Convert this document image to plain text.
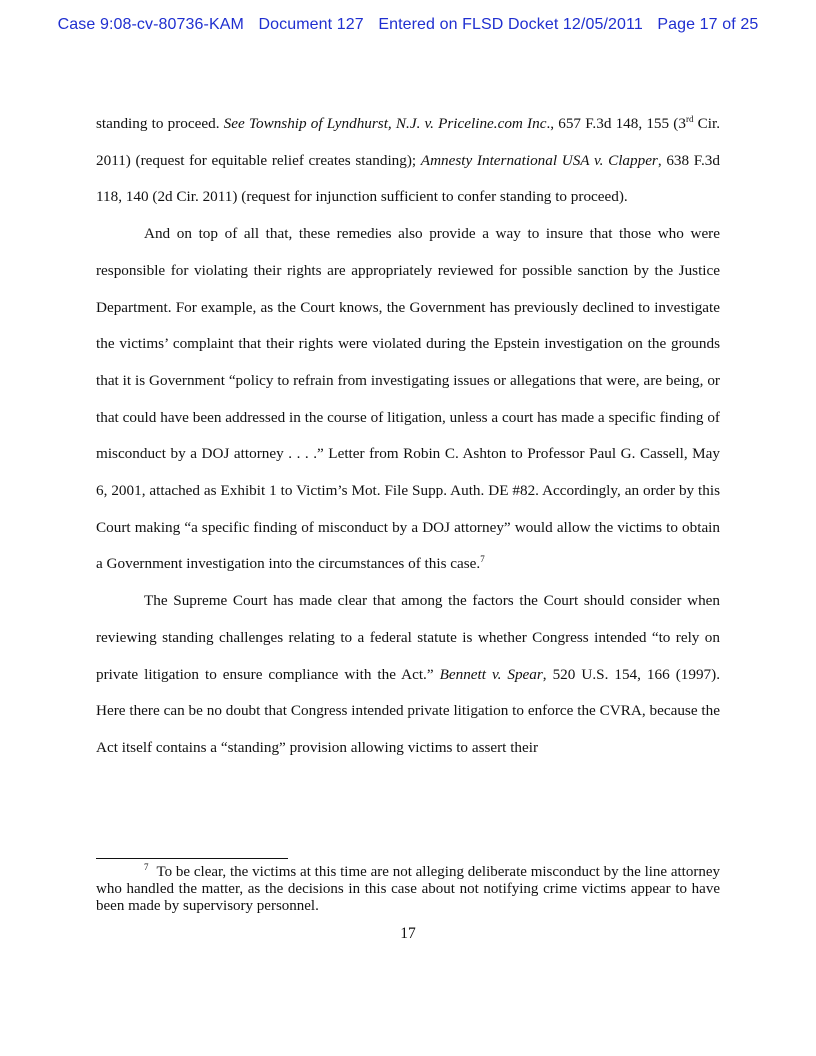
Case 9:08-cv-80736-KAM Document 127 Entered on FLSD Docket 12/05/2011 Page 17 of 25

standing to proceed. See Township of Lyndhurst, N.J. v. Priceline.com Inc., 657 F.3d 148, 155 (3rd Cir. 2011) (request for equitable relief creates standing); Amnesty International USA v. Clapper, 638 F.3d 118, 140 (2d Cir. 2011) (request for injunction sufficient to confer standing to proceed).

And on top of all that, these remedies also provide a way to insure that those who were responsible for violating their rights are appropriately reviewed for possible sanction by the Justice Department. For example, as the Court knows, the Government has previously declined to investigate the victims’ complaint that their rights were violated during the Epstein investigation on the grounds that it is Government “policy to refrain from investigating issues or allegations that were, are being, or that could have been addressed in the course of litigation, unless a court has made a specific finding of misconduct by a DOJ attorney . . . .” Letter from Robin C. Ashton to Professor Paul G. Cassell, May 6, 2001, attached as Exhibit 1 to Victim’s Mot. File Supp. Auth. DE #82. Accordingly, an order by this Court making “a specific finding of misconduct by a DOJ attorney” would allow the victims to obtain a Government investigation into the circumstances of this case.$^7$

The Supreme Court has made clear that among the factors the Court should consider when reviewing standing challenges relating to a federal statute is whether Congress intended “to rely on private litigation to ensure compliance with the Act.” Bennett v. Spear, 520 U.S. 154, 166 (1997). Here there can be no doubt that Congress intended private litigation to enforce the CVRA, because the Act itself contains a “standing” provision allowing victims to assert their

$^7$ To be clear, the victims at this time are not alleging deliberate misconduct by the line attorney who handled the matter, as the decisions in this case about not notifying crime victims appear to have been made by supervisory personnel.
17
